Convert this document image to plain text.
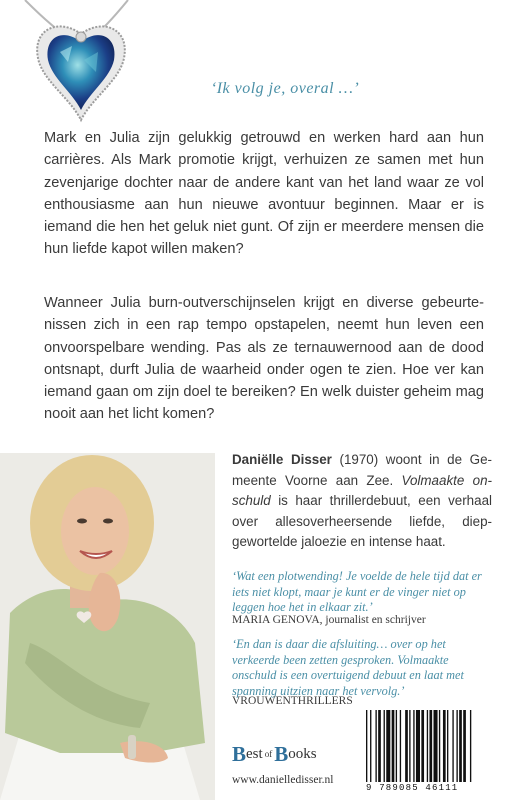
‘Ik volg je, overal …’
Mark en Julia zijn gelukkig getrouwd en werken hard aan hun carrières. Als Mark promotie krijgt, verhuizen ze samen met hun zevenjarige dochter naar de andere kant van het land waar ze vol enthousiasme aan hun nieuwe avontuur beginnen. Maar er is iemand die hen het geluk niet gunt. Of zijn er meerdere mensen die hun liefde kapot willen maken?
Wanneer Julia burn-outverschijnselen krijgt en diverse gebeurtenissen zich in een rap tempo opstapelen, neemt hun leven een onvoorspelbare wending. Pas als ze ternauwernood aan de dood ontsnapt, durft Julia de waarheid onder ogen te zien. Hoe ver kan iemand gaan om zijn doel te bereiken? En welk duister geheim mag nooit aan het licht komen?
Daniëlle Disser (1970) woont in de Gemeente Voorne aan Zee. Volmaakte onschuld is haar thrillerdebuut, een verhaal over allesoverheersende liefde, diepgewortelde jaloezie en intense haat.
‘Wat een plotwending! Je voelde de hele tijd dat er iets niet klopt, maar je kunt er de vinger niet op leggen hoe het in elkaar zit.’
MARIA GENOVA, journalist en schrijver
‘En dan is daar die afsluiting… over op het verkeerde been zetten gesproken. Volmaakte onschuld is een overtuigend debuut en laat met spanning uitzien naar het vervolg.’
VROUWENTHRILLERS
B est of B ooks
www.danielledisser.nl
9 789085 46111
